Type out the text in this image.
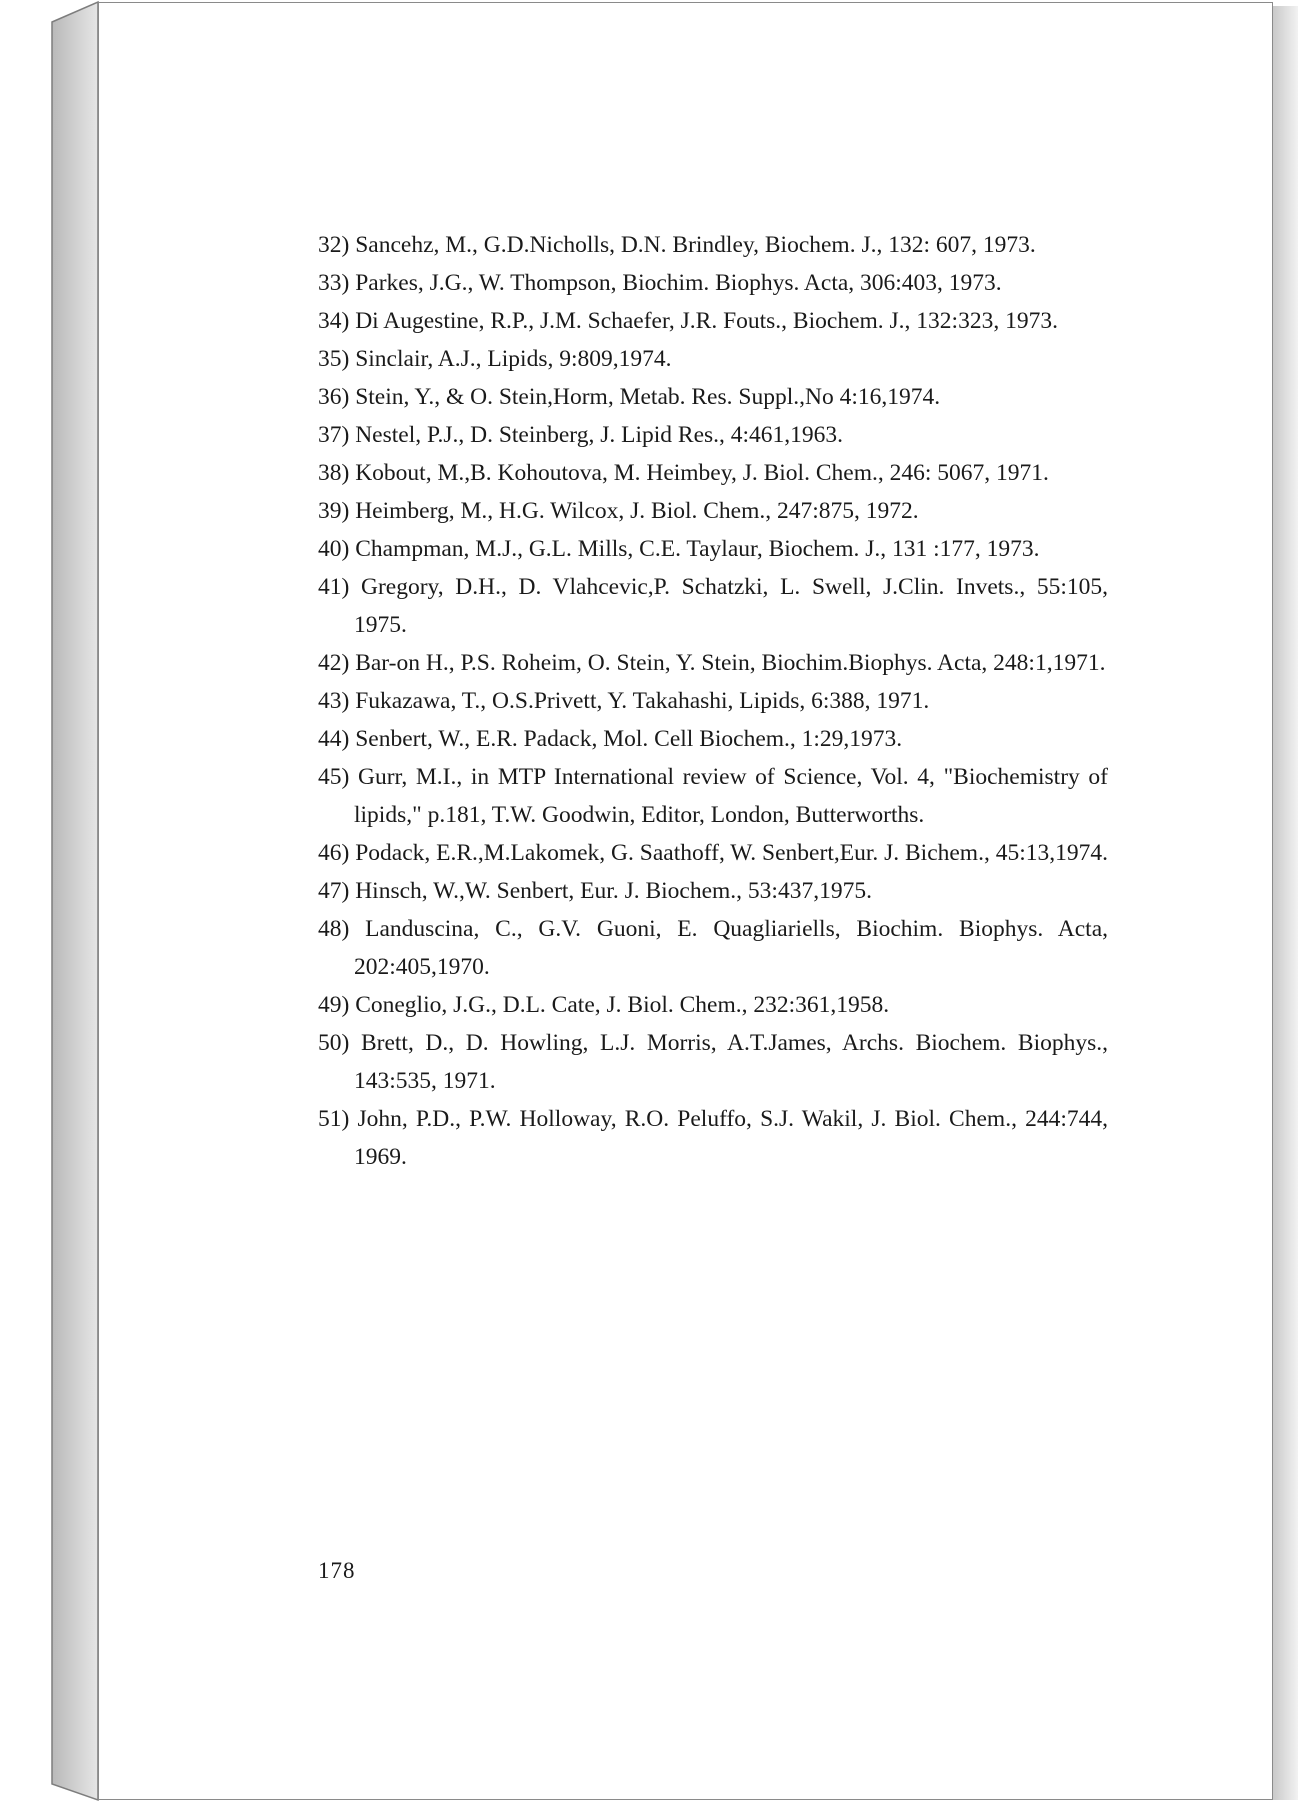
32) Sancehz, M., G.D.Nicholls, D.N. Brindley, Biochem. J., 132: 607, 1973.

33) Parkes, J.G., W. Thompson, Biochim. Biophys. Acta, 306:403, 1973.

34) Di Augestine, R.P., J.M. Schaefer, J.R. Fouts., Biochem. J., 132:323, 1973.

35) Sinclair, A.J., Lipids, 9:809,1974.

36) Stein, Y., & O. Stein,Horm, Metab. Res. Suppl.,No 4:16,1974.

37) Nestel, P.J., D. Steinberg, J. Lipid Res., 4:461,1963.

38) Kobout, M.,B. Kohoutova, M. Heimbey, J. Biol. Chem., 246: 5067, 1971.

39) Heimberg, M., H.G. Wilcox, J. Biol. Chem., 247:875, 1972.

40) Champman, M.J., G.L. Mills, C.E. Taylaur, Biochem. J., 131 :177, 1973.

41) Gregory, D.H., D. Vlahcevic,P. Schatzki, L. Swell, J.Clin. Invets., 55:105, 1975.

42) Bar-on H., P.S. Roheim, O. Stein, Y. Stein, Biochim.Biophys. Acta, 248:1,1971.

43) Fukazawa, T., O.S.Privett, Y. Takahashi, Lipids, 6:388, 1971.

44) Senbert, W., E.R. Padack, Mol. Cell Biochem., 1:29,1973.

45) Gurr, M.I., in MTP International review of Science, Vol. 4, "Biochemistry of lipids," p.181, T.W. Goodwin, Editor, London, Butterworths.

46) Podack, E.R.,M.Lakomek, G. Saathoff, W. Senbert,Eur. J. Bichem., 45:13,1974.

47) Hinsch, W.,W. Senbert, Eur. J. Biochem., 53:437,1975.

48) Landuscina, C., G.V. Guoni, E. Quagliariells, Biochim. Biophys. Acta, 202:405,1970.

49) Coneglio, J.G., D.L. Cate, J. Biol. Chem., 232:361,1958.

50) Brett, D., D. Howling, L.J. Morris, A.T.James, Archs. Biochem. Biophys., 143:535, 1971.

51) John, P.D., P.W. Holloway, R.O. Peluffo, S.J. Wakil, J. Biol. Chem., 244:744, 1969.

178
